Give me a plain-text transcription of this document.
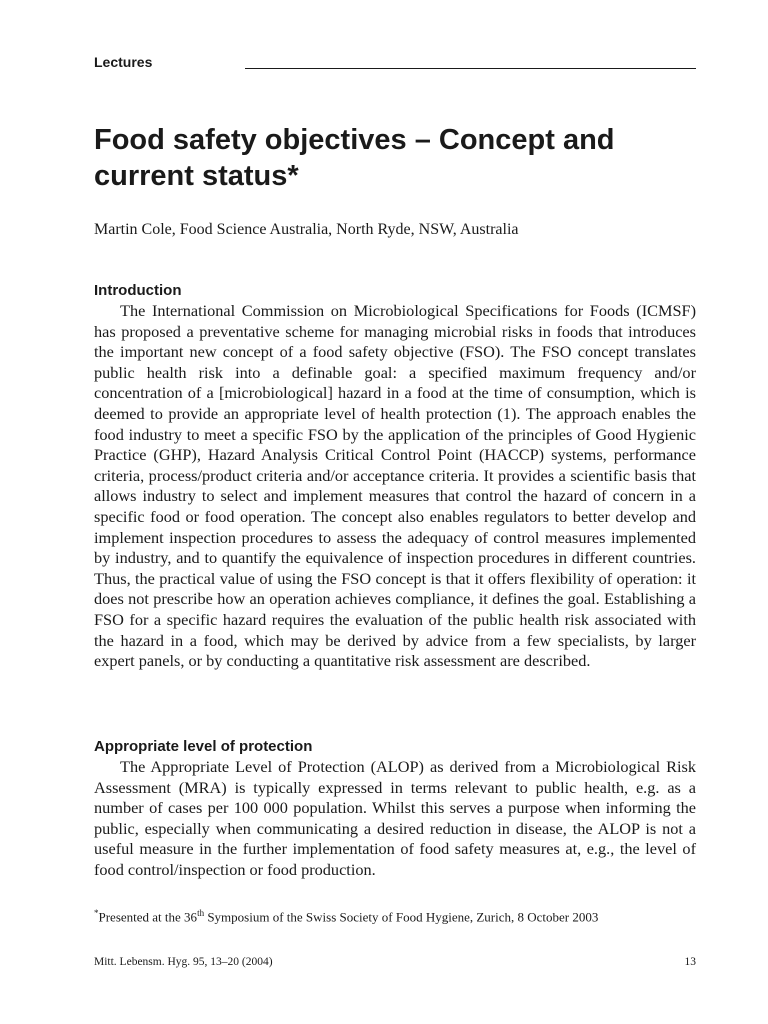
Lectures
Food safety objectives – Concept and current status*
Martin Cole, Food Science Australia, North Ryde, NSW, Australia
Introduction

The International Commission on Microbiological Specifications for Foods (ICMSF) has proposed a preventative scheme for managing microbial risks in foods that introduces the important new concept of a food safety objective (FSO). The FSO concept translates public health risk into a definable goal: a specified maximum frequency and/or concentration of a [microbiological] hazard in a food at the time of consumption, which is deemed to provide an appropriate level of health protection (1). The approach enables the food industry to meet a specific FSO by the application of the principles of Good Hygienic Practice (GHP), Hazard Analysis Critical Control Point (HACCP) systems, performance criteria, process/product criteria and/or acceptance criteria. It provides a scientific basis that allows industry to select and implement measures that control the hazard of concern in a specific food or food operation. The concept also enables regulators to better develop and implement inspection procedures to assess the adequacy of control measures implemented by industry, and to quantify the equivalence of inspection procedures in different countries. Thus, the practical value of using the FSO concept is that it offers flexibility of operation: it does not prescribe how an operation achieves compliance, it defines the goal. Establishing a FSO for a specific hazard requires the evaluation of the public health risk associated with the hazard in a food, which may be derived by advice from a few specialists, by larger expert panels, or by conducting a quantitative risk assessment are described.

Appropriate level of protection

The Appropriate Level of Protection (ALOP) as derived from a Microbiological Risk Assessment (MRA) is typically expressed in terms relevant to public health, e.g. as a number of cases per 100 000 population. Whilst this serves a purpose when informing the public, especially when communicating a desired reduction in disease, the ALOP is not a useful measure in the further implementation of food safety measures at, e.g., the level of food control/inspection or food production.

*Presented at the 36th Symposium of the Swiss Society of Food Hygiene, Zurich, 8 October 2003
Mitt. Lebensm. Hyg. 95, 13–20 (2004)	13
